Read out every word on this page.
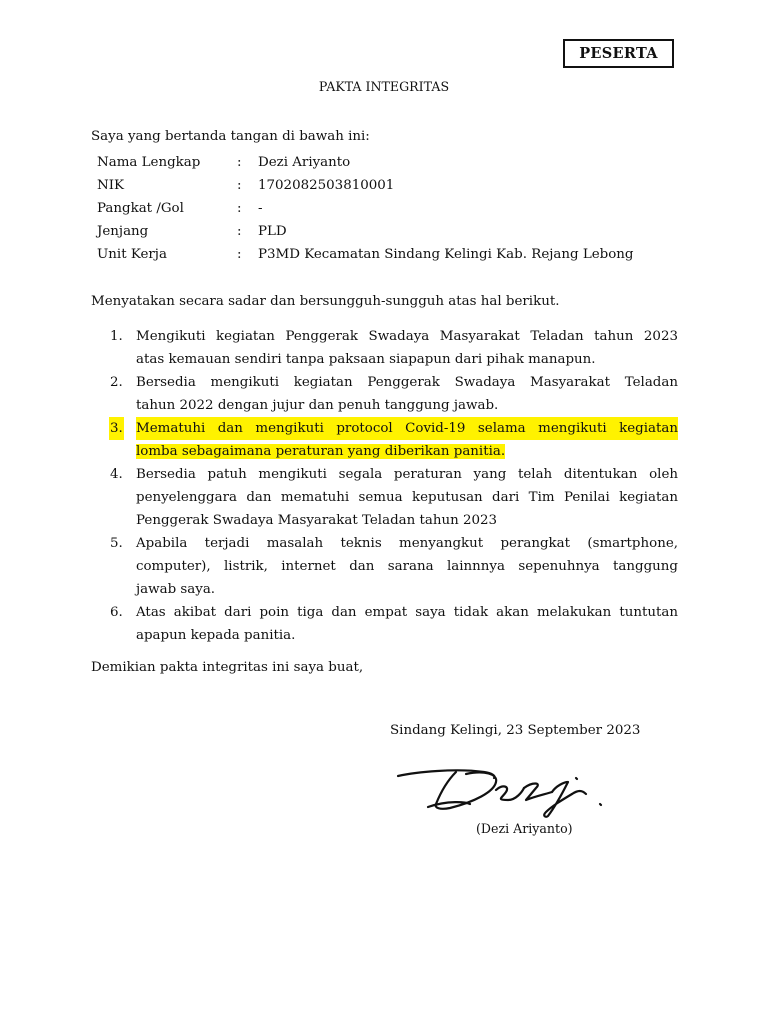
PESERTA
PAKTA INTEGRITAS
Saya yang bertanda tangan di bawah ini:
Nama Lengkap	: Dezi Ariyanto
NIK	: 1702082503810001
Pangkat /Gol	: -
Jenjang	: PLD
Unit Kerja	: P3MD Kecamatan Sindang Kelingi Kab. Rejang Lebong
Menyatakan secara sadar dan bersungguh-sungguh atas hal berikut.
1. Mengikuti kegiatan Penggerak Swadaya Masyarakat Teladan tahun 2023
atas kemauan sendiri tanpa paksaan siapapun dari pihak manapun.
2. Bersedia mengikuti kegiatan Penggerak Swadaya Masyarakat Teladan
tahun 2022 dengan jujur dan penuh tanggung jawab.
3. Mematuhi dan mengikuti protocol Covid-19 selama mengikuti kegiatan
lomba sebagaimana peraturan yang diberikan panitia.
4. Bersedia patuh mengikuti segala peraturan yang telah ditentukan oleh
penyelenggara dan mematuhi semua keputusan dari Tim Penilai kegiatan
Penggerak Swadaya Masyarakat Teladan tahun 2023
5. Apabila terjadi masalah teknis menyangkut perangkat (smartphone,
computer), listrik, internet dan sarana lainnnya sepenuhnya tanggung
jawab saya.
6. Atas akibat dari poin tiga dan empat saya tidak akan melakukan tuntutan
apapun kepada panitia.
Demikian pakta integritas ini saya buat,
Sindang Kelingi, 23 September 2023
(Dezi Ariyanto)
